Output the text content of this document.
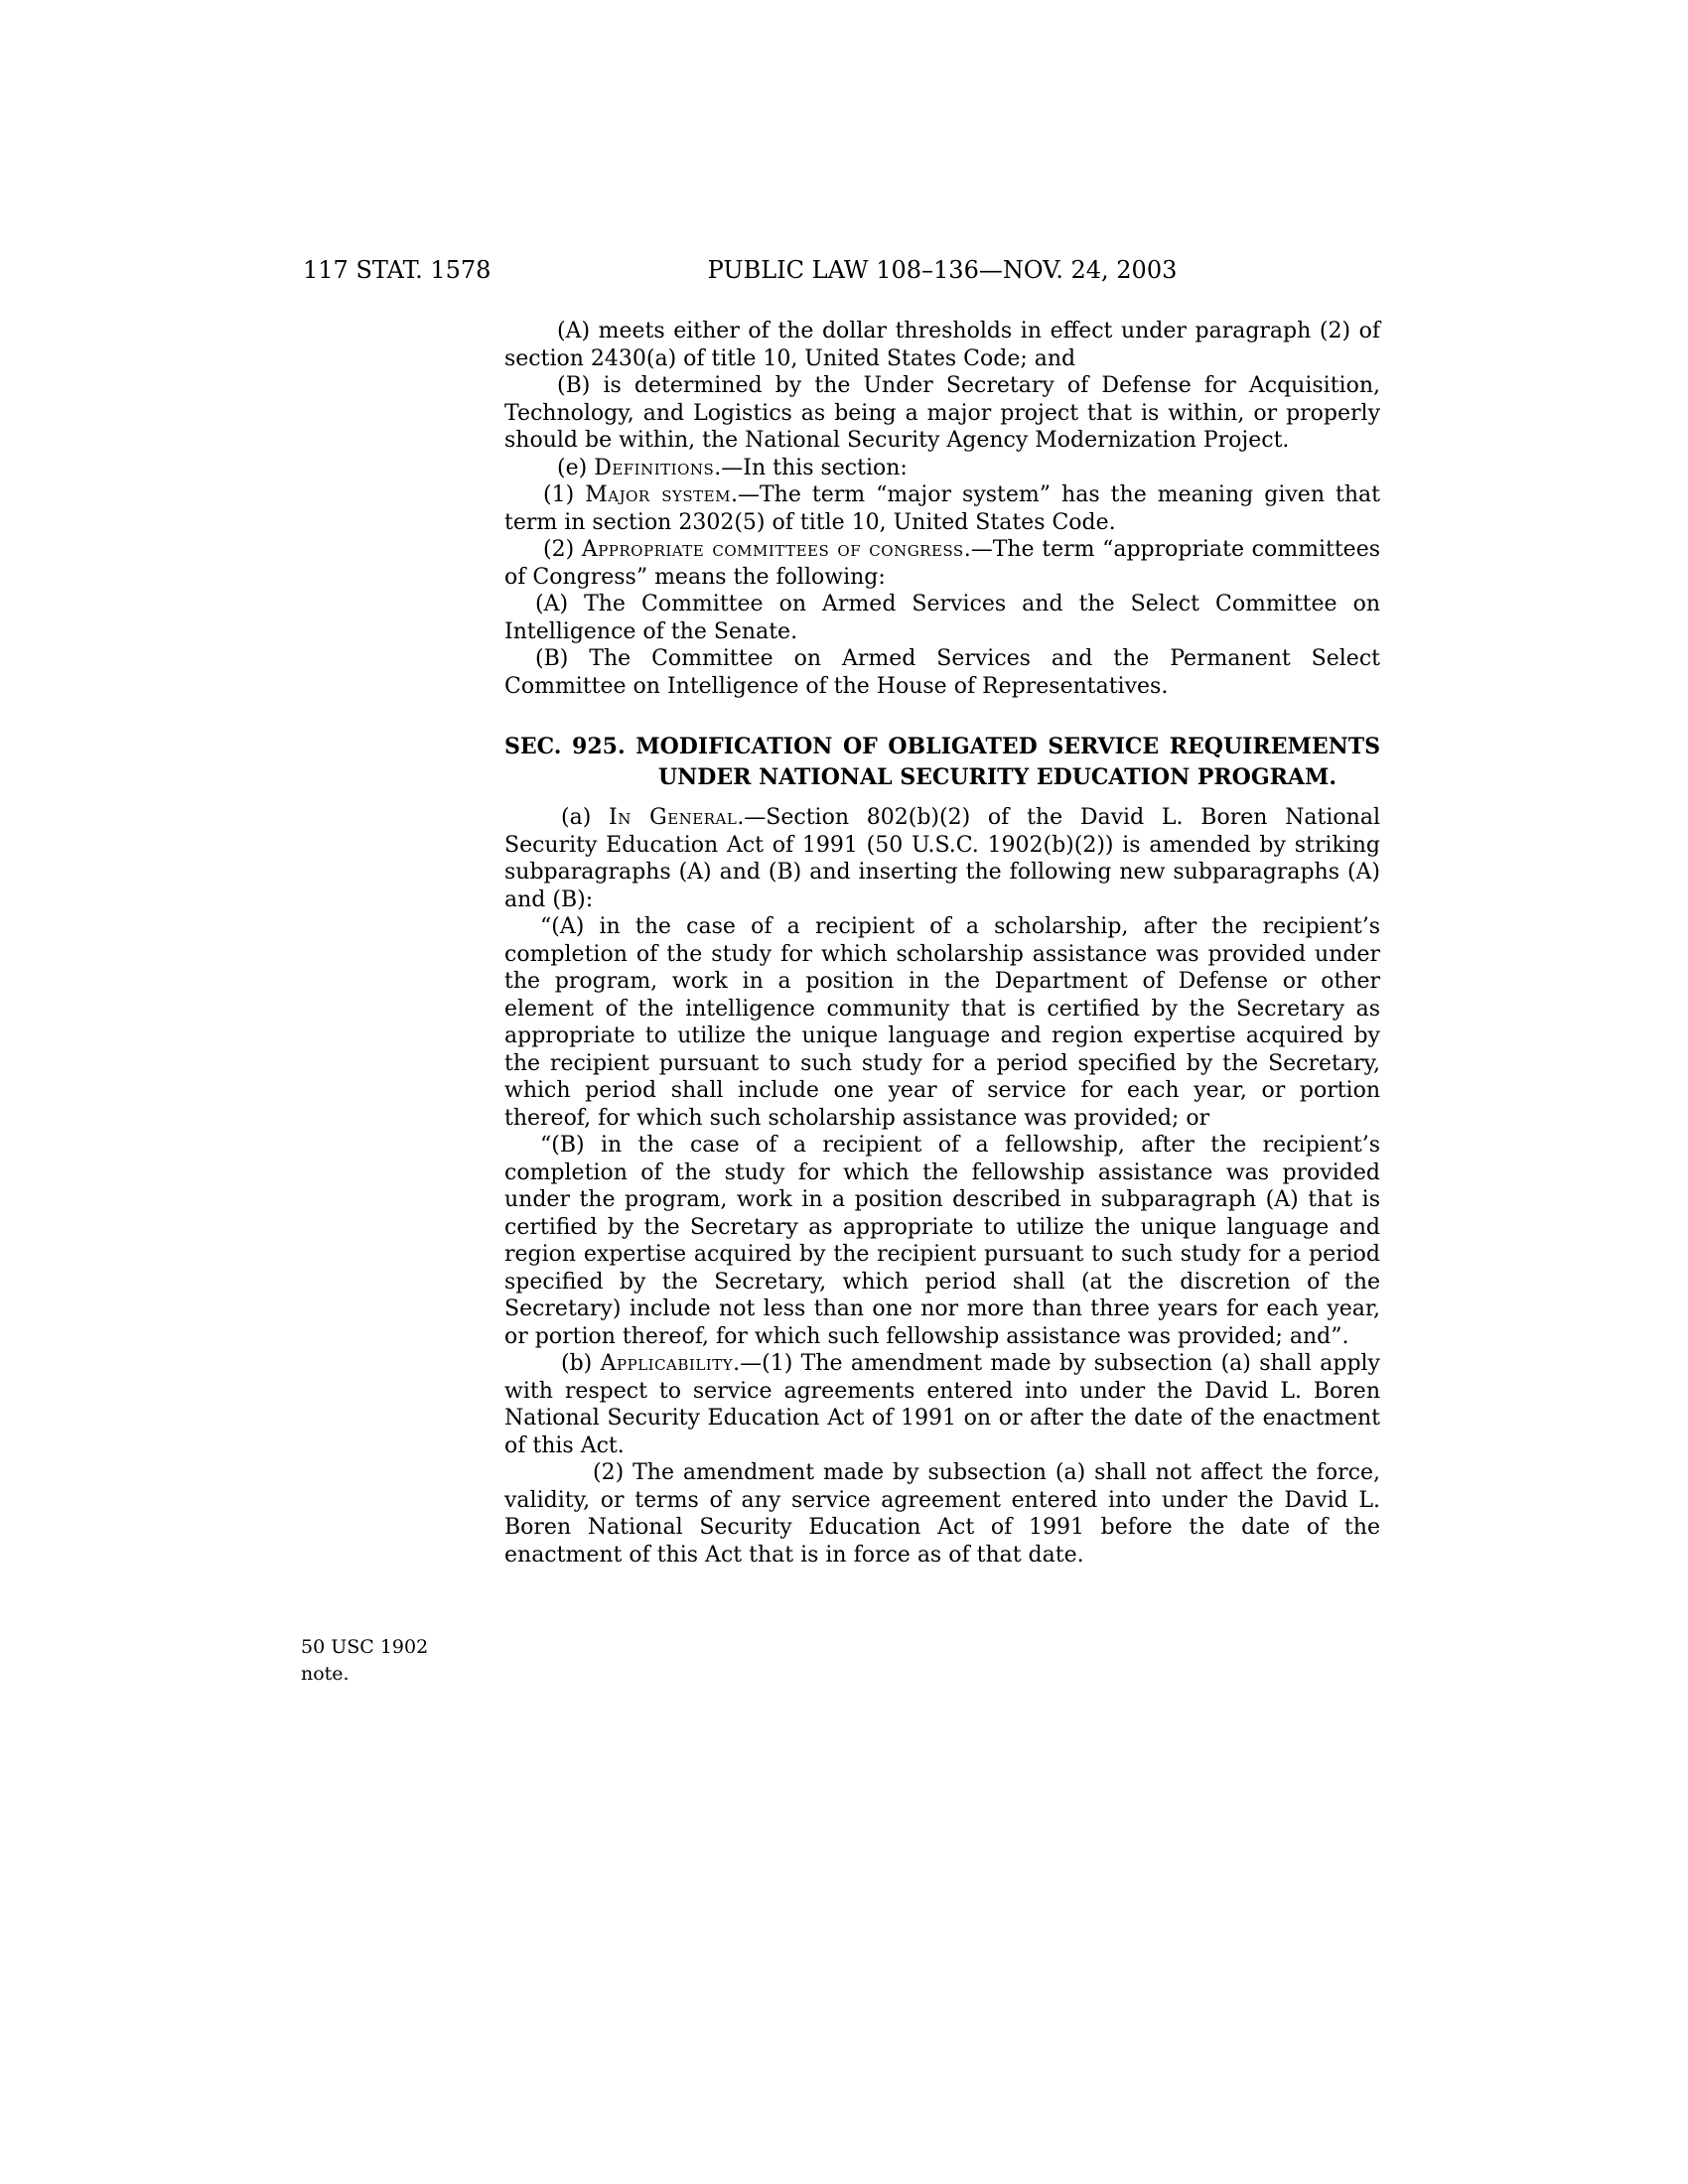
117 STAT. 1578	PUBLIC LAW 108–136—NOV. 24, 2003
50 USC 1902
note.

(A) meets either of the dollar thresholds in effect under paragraph (2) of section 2430(a) of title 10, United States Code; and

(B) is determined by the Under Secretary of Defense for Acquisition, Technology, and Logistics as being a major project that is within, or properly should be within, the National Security Agency Modernization Project.

(e) Definitions.—In this section:

(1) Major system.—The term “major system” has the meaning given that term in section 2302(5) of title 10, United States Code.

(2) Appropriate committees of congress.—The term “appropriate committees of Congress” means the following:

(A) The Committee on Armed Services and the Select Committee on Intelligence of the Senate.

(B) The Committee on Armed Services and the Permanent Select Committee on Intelligence of the House of Representatives.

SEC. 925. MODIFICATION OF OBLIGATED SERVICE REQUIREMENTS
UNDER NATIONAL SECURITY EDUCATION PROGRAM.

(a) In General.—Section 802(b)(2) of the David L. Boren National Security Education Act of 1991 (50 U.S.C. 1902(b)(2)) is amended by striking subparagraphs (A) and (B) and inserting the following new subparagraphs (A) and (B):

“(A) in the case of a recipient of a scholarship, after the recipient’s completion of the study for which scholarship assistance was provided under the program, work in a position in the Department of Defense or other element of the intelligence community that is certified by the Secretary as appropriate to utilize the unique language and region expertise acquired by the recipient pursuant to such study for a period specified by the Secretary, which period shall include one year of service for each year, or portion thereof, for which such scholarship assistance was provided; or

“(B) in the case of a recipient of a fellowship, after the recipient’s completion of the study for which the fellowship assistance was provided under the program, work in a position described in subparagraph (A) that is certified by the Secretary as appropriate to utilize the unique language and region expertise acquired by the recipient pursuant to such study for a period specified by the Secretary, which period shall (at the discretion of the Secretary) include not less than one nor more than three years for each year, or portion thereof, for which such fellowship assistance was provided; and”.

(b) Applicability.—(1) The amendment made by subsection (a) shall apply with respect to service agreements entered into under the David L. Boren National Security Education Act of 1991 on or after the date of the enactment of this Act.

(2) The amendment made by subsection (a) shall not affect the force, validity, or terms of any service agreement entered into under the David L. Boren National Security Education Act of 1991 before the date of the enactment of this Act that is in force as of that date.
